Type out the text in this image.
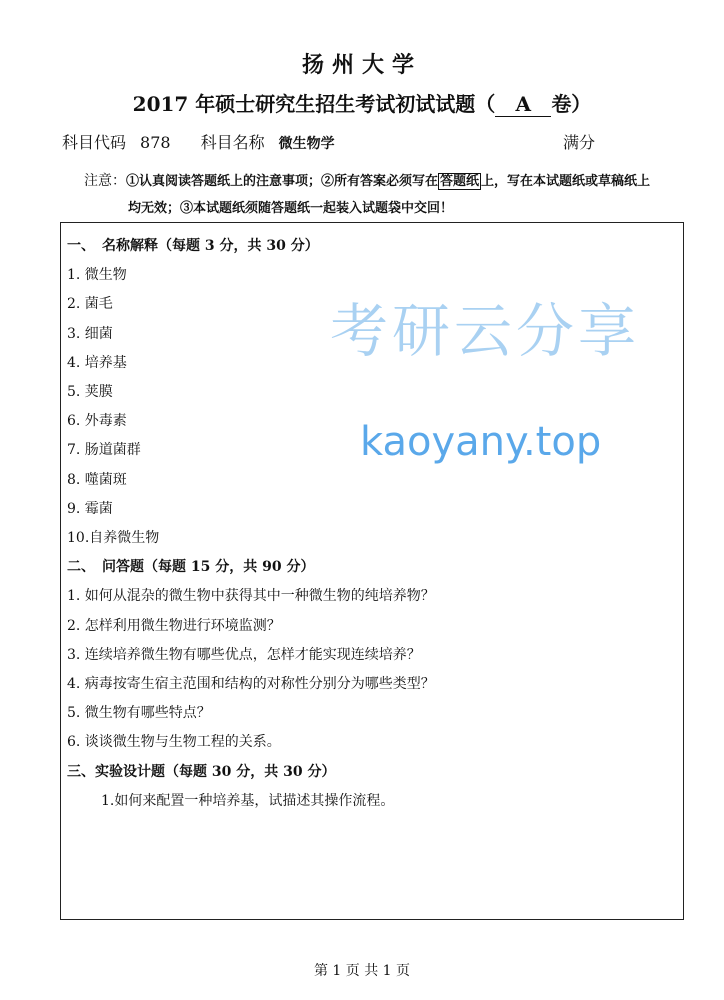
扬州大学
2017 年硕士研究生招生考试初试试题（ A 卷）
科目代码 878 科目名称 微生物学	满分
注意：①认真阅读答题纸上的注意事项；②所有答案必须写在 答题纸 上，写在本试题纸或草稿纸上
均无效；③本试题纸须随答题纸一起装入试题袋中交回！
一、　名称解释（每题 3 分，共 30 分）
1. 微生物
2. 菌毛
3. 细菌
4. 培养基
5. 荚膜
6. 外毒素
7. 肠道菌群
8. 噬菌斑
9. 霉菌
10.自养微生物
二、　问答题（每题 15 分，共 90 分）
1. 如何从混杂的微生物中获得其中一种微生物的纯培养物？
2. 怎样利用微生物进行环境监测？
3. 连续培养微生物有哪些优点，怎样才能实现连续培养？
4. 病毒按寄生宿主范围和结构的对称性分别分为哪些类型？
5. 微生物有哪些特点？
6. 谈谈微生物与生物工程的关系。
三、实验设计题（每题 30 分，共 30 分）
1.如何来配置一种培养基，试描述其操作流程。
考研云分享
kaoyany.top
第 1 页 共 1 页
